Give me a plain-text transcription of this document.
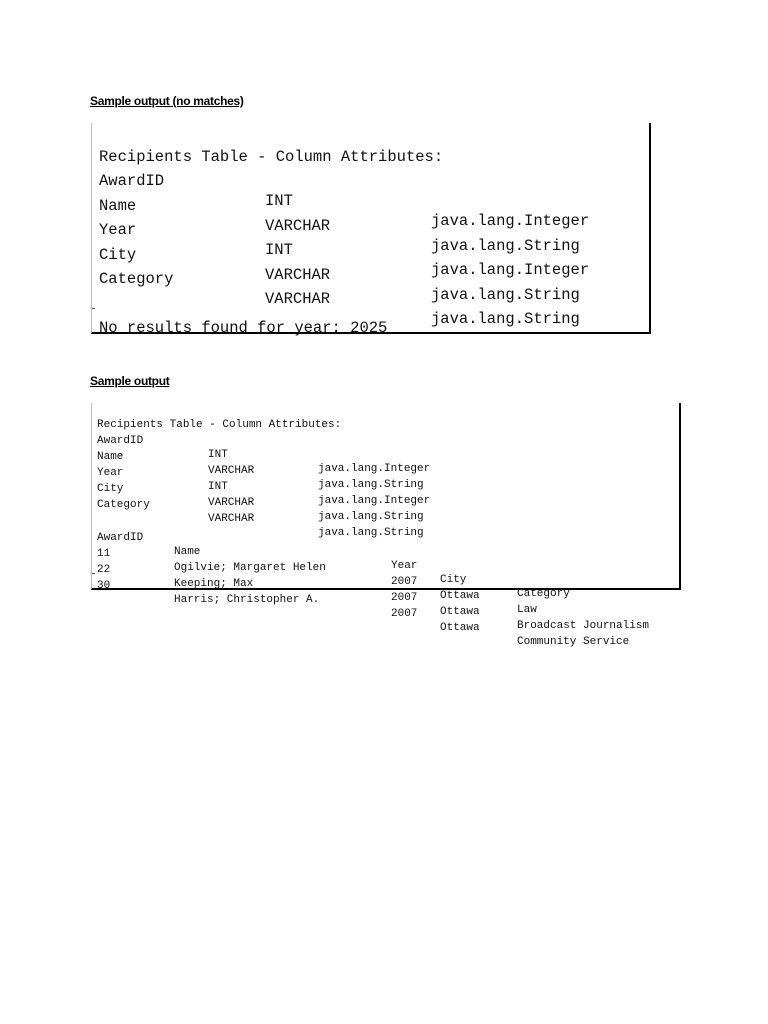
Sample output (no matches)

Recipients Table - Column Attributes:

AwardID

INT

java.lang.Integer

Name

VARCHAR

java.lang.String

Year

INT

java.lang.Integer

City

VARCHAR

java.lang.String

Category

VARCHAR

java.lang.String

No results found for year: 2025

Sample output

Recipients Table - Column Attributes:

AwardID

INT

java.lang.Integer

Name

VARCHAR

java.lang.String

Year

INT

java.lang.Integer

City

VARCHAR

java.lang.String

Category

VARCHAR

java.lang.String

AwardID

Name

Year

City

Category

11

Ogilvie; Margaret Helen

2007

Ottawa

Law

22

Keeping; Max

2007

Ottawa

Broadcast Journalism

30

Harris; Christopher A.

2007

Ottawa

Community Service
